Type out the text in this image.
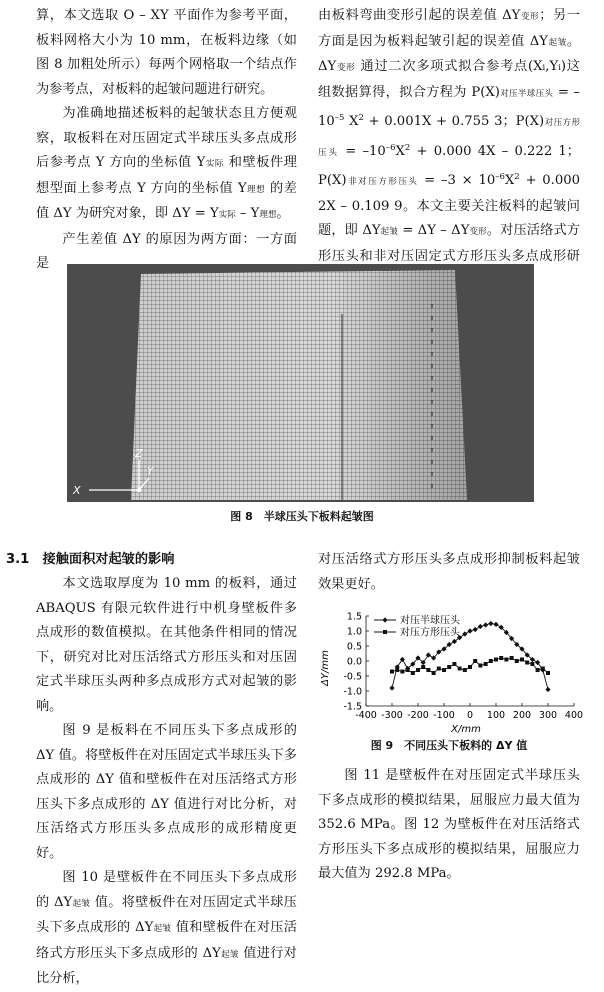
算，本文选取 O – XY 平面作为参考平面，板料网格大小为 10 mm，在板料边缘（如图 8 加粗处所示）每两个网格取一个结点作为参考点，对板料的起皱问题进行研究。

为准确地描述板料的起皱状态且方便观察，取板料在对压固定式半球压头多点成形后参考点 Y 方向的坐标值 Y实际 和壁板件理想型面上参考点 Y 方向的坐标值 Y理想 的差值 ΔY 为研究对象，即 ΔY = Y实际 – Y理想。

产生差值 ΔY 的原因为两方面：一方面是

由板料弯曲变形引起的误差值 ΔY变形；另一方面是因为板料起皱引起的误差值 ΔY起皱。ΔY变形 通过二次多项式拟合参考点(Xi,Yi)这组数据算得，拟合方程为 P(X)对压半球压头 = $-10^{-5}$ $X^2 + 0.001X + 0.755$ 3；P(X)对压方形压头 = $-10^{-6}X^2 + 0.000$ 4X – 0.222 1；P(X)非对压方形压头 = $-3 \times 10^{-6}X^2 + 0.000$ 2X – 0.109 9。本文主要关注板料的起皱问题，即 ΔY起皱 = ΔY – ΔY变形。对压活络式方形压头和非对压固定式方形压头多点成形研

Z
Y
X
图 8　半球压头下板料起皱图
3.1　接触面积对起皱的影响

本文选取厚度为 10 mm 的板料，通过 ABAQUS 有限元软件进行中机身壁板件多点成形的数值模拟。在其他条件相同的情况下，研究对比对压活络式方形压头和对压固定式半球压头两种多点成形方式对起皱的影响。

图 9 是板料在不同压头下多点成形的 ΔY 值。将壁板件在对压固定式半球压头下多点成形的 ΔY 值和壁板件在对压活络式方形压头下多点成形的 ΔY 值进行对比分析，对压活络式方形压头多点成形的成形精度更好。

图 10 是壁板件在不同压头下多点成形的 ΔY起皱 值。将壁板件在对压固定式半球压头下多点成形的 ΔY起皱 值和壁板件在对压活络式方形压头下多点成形的 ΔY起皱 值进行对比分析，

对压活络式方形压头多点成形抑制板料起皱效果更好。

1.5
1.0
0.5
0.0
-0.5
-1.0
-1.5
-400 -300 -200 -100 0 100 200 300 400
对压半球压头
对压方形压头
ΔY/mm
X/mm
图 9　不同压头下板料的 ΔY 值

图 11 是壁板件在对压固定式半球压头下多点成形的模拟结果，屈服应力最大值为 352.6 MPa。图 12 为壁板件在对压活络式方形压头下多点成形的模拟结果，屈服应力最大值为 292.8 MPa。
